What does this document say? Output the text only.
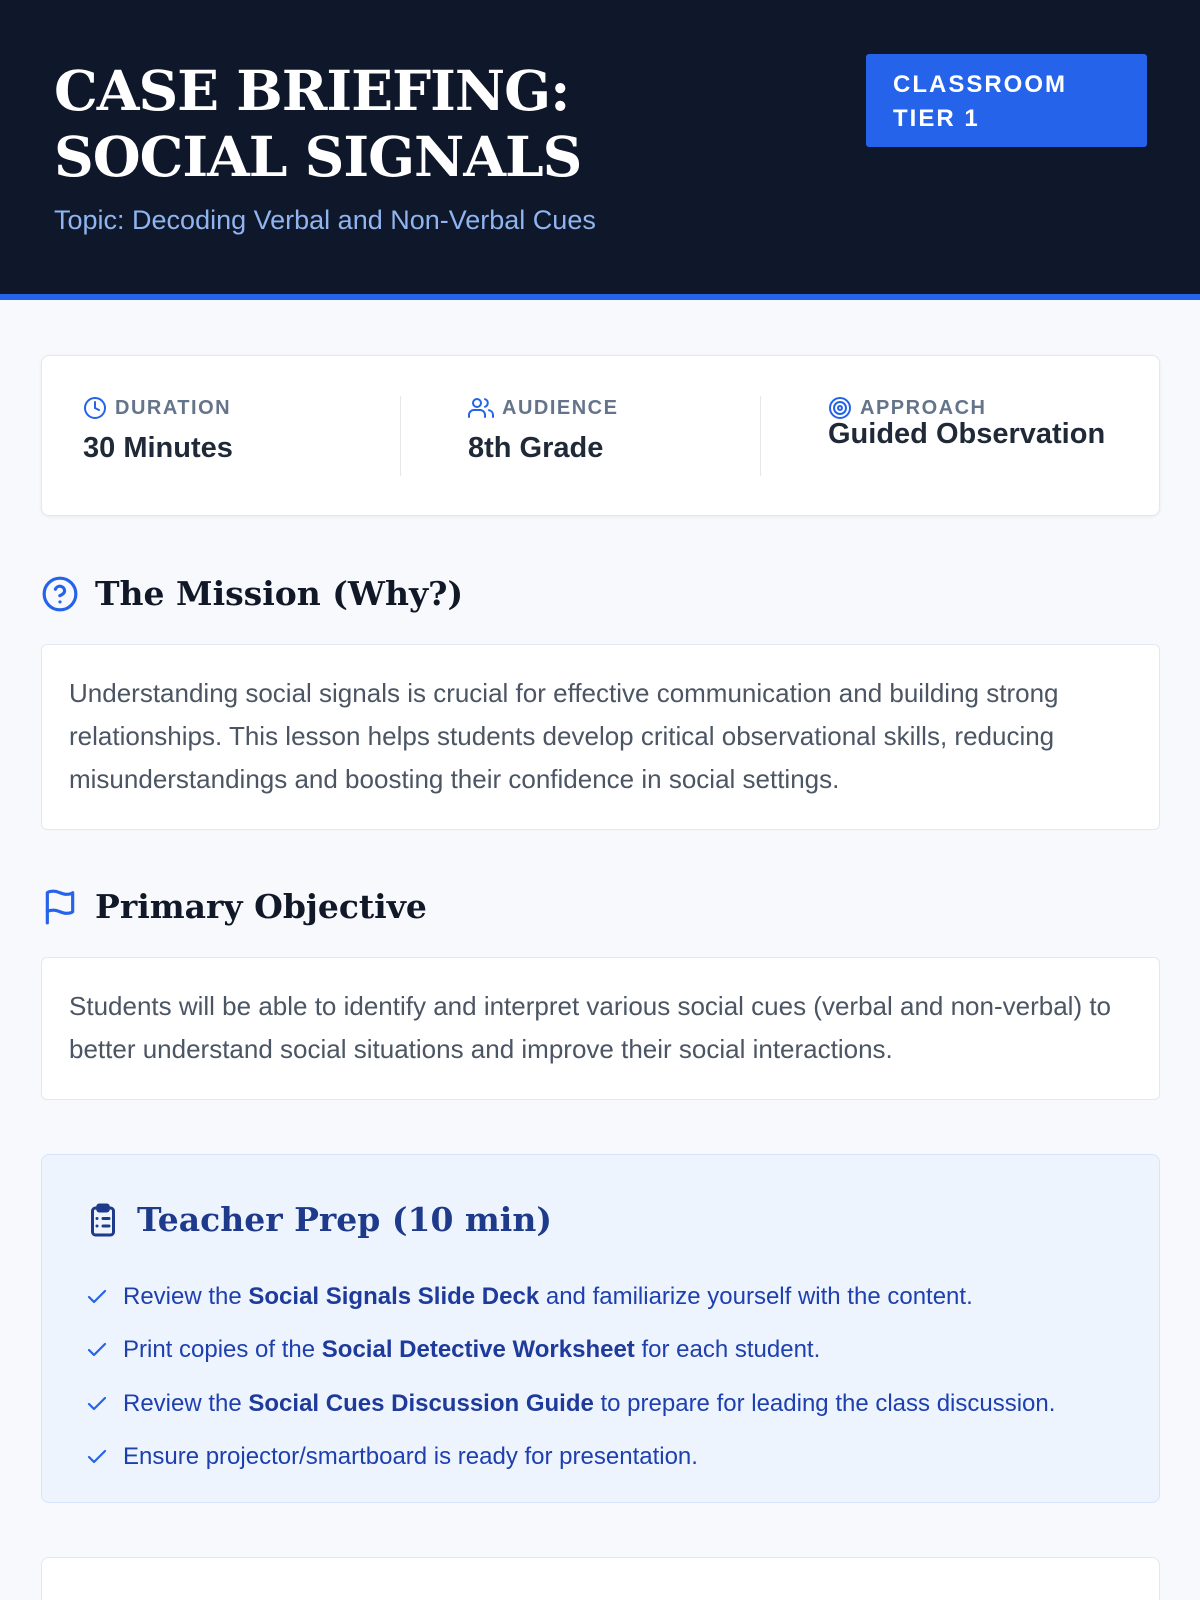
CASE BRIEFING: SOCIAL SIGNALS
Topic: Decoding Verbal and Non-Verbal Cues
CLASSROOM TIER 1
DURATION
30 Minutes
AUDIENCE
8th Grade
APPROACH
Guided Observation
The Mission (Why?)
Understanding social signals is crucial for effective communication and building strong relationships. This lesson helps students develop critical observational skills, reducing misunderstandings and boosting their confidence in social settings.
Primary Objective
Students will be able to identify and interpret various social cues (verbal and non-verbal) to better understand social situations and improve their social interactions.
Teacher Prep (10 min)
Review the Social Signals Slide Deck and familiarize yourself with the content.
Print copies of the Social Detective Worksheet for each student.
Review the Social Cues Discussion Guide to prepare for leading the class discussion.
Ensure projector/smartboard is ready for presentation.
